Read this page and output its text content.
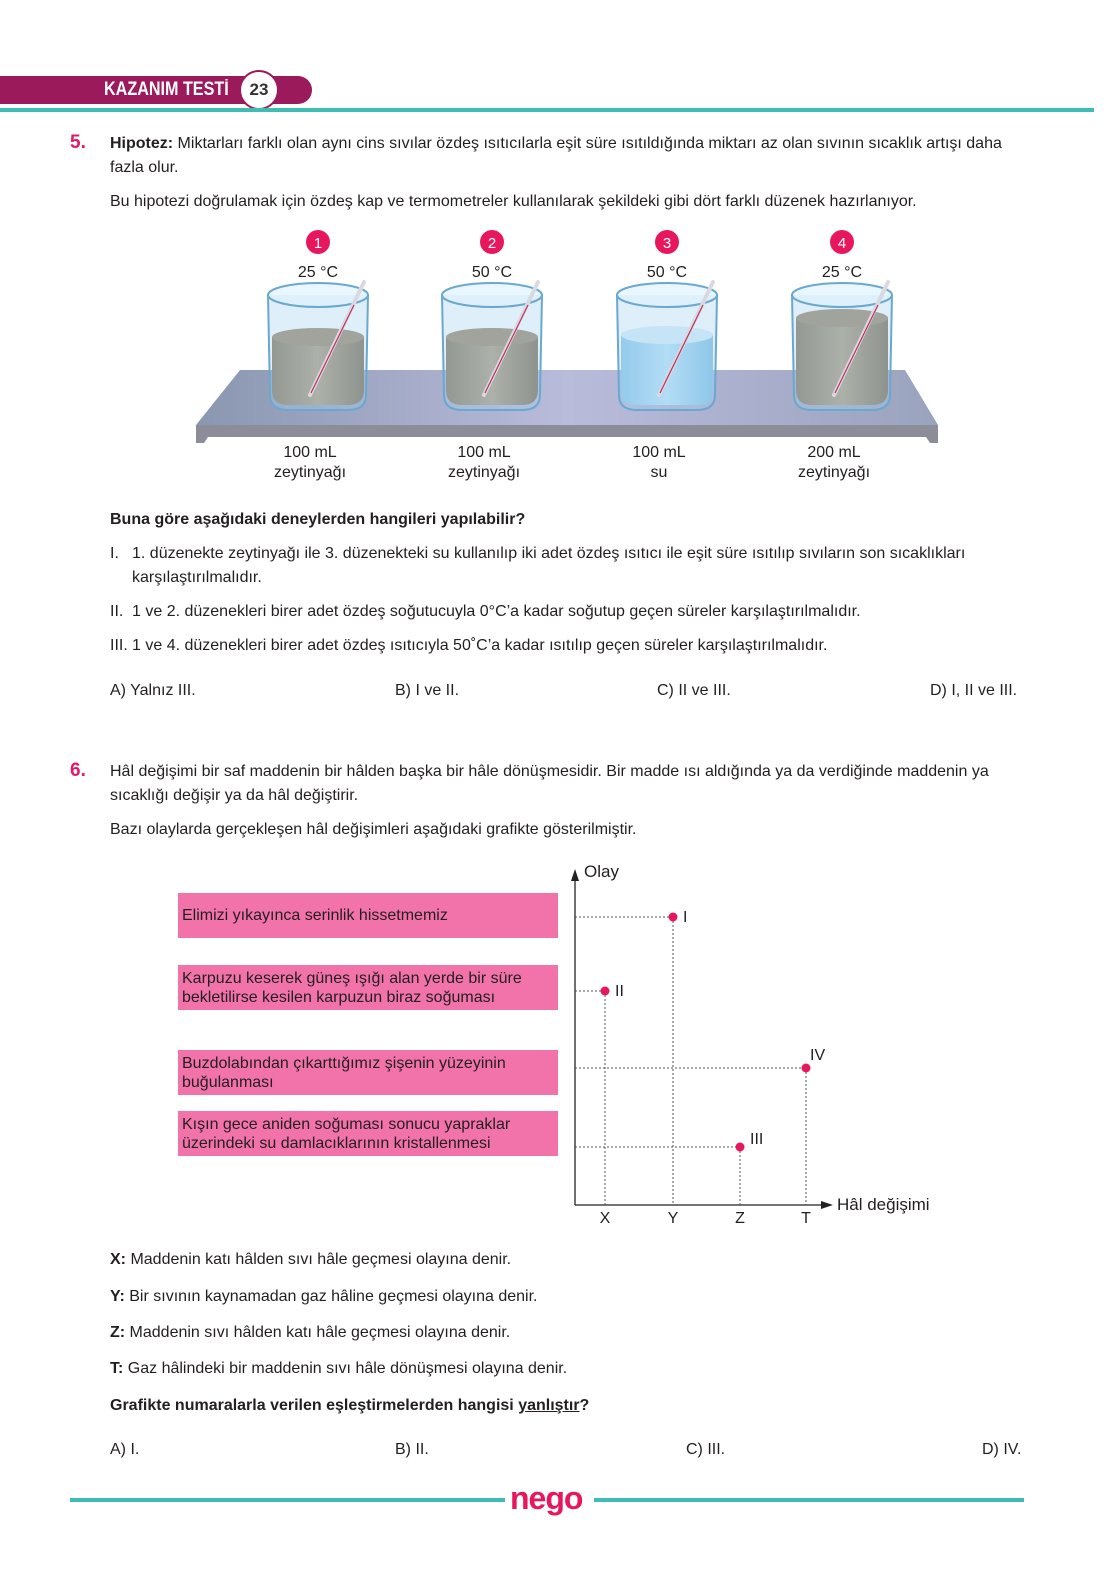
KAZANIM TESTİ	23
5. Hipotez: Miktarları farklı olan aynı cins sıvılar özdeş ısıtıcılarla eşit süre ısıtıldığında miktarı az olan sıvının sıcaklık artışı daha fazla olur.
Bu hipotezi doğrulamak için özdeş kap ve termometreler kullanılarak şekildeki gibi dört farklı düzenek hazırlanıyor.
1
25 °C
2
50 °C
3
50 °C
4
25 °C
100 mL
zeytinyağı
100 mL
zeytinyağı
100 mL
su
200 mL
zeytinyağı
Buna göre aşağıdaki deneylerden hangileri yapılabilir?
I. 1. düzenekte zeytinyağı ile 3. düzenekteki su kullanılıp iki adet özdeş ısıtıcı ile eşit süre ısıtılıp sıvıların son sıcaklıkları karşılaştırılmalıdır.
II. 1 ve 2. düzenekleri birer adet özdeş soğutucuyla 0°C’a kadar soğutup geçen süreler karşılaştırılmalıdır.
III. 1 ve 4. düzenekleri birer adet özdeş ısıtıcıyla 50˚C’a kadar ısıtılıp geçen süreler karşılaştırılmalıdır.
A) Yalnız III.	B) I ve II.	C) II ve III.	D) I, II ve III.
6. Hâl değişimi bir saf maddenin bir hâlden başka bir hâle dönüşmesidir. Bir madde ısı aldığında ya da verdiğinde maddenin ya sıcaklığı değişir ya da hâl değiştirir.
Bazı olaylarda gerçekleşen hâl değişimleri aşağıdaki grafikte gösterilmiştir.
Elimizi yıkayınca serinlik hissetmemiz
Karpuzu keserek güneş ışığı alan yerde bir süre bekletilirse kesilen karpuzun biraz soğuması
Buzdolabından çıkarttığımız şişenin yüzeyinin buğulanması
Kışın gece aniden soğuması sonucu yapraklar üzerindeki su damlacıklarının kristallenmesi
Olay
Hâl değişimi
X	Y	Z	T
I
II
III
IV
X: Maddenin katı hâlden sıvı hâle geçmesi olayına denir.
Y: Bir sıvının kaynamadan gaz hâline geçmesi olayına denir.
Z: Maddenin sıvı hâlden katı hâle geçmesi olayına denir.
T: Gaz hâlindeki bir maddenin sıvı hâle dönüşmesi olayına denir.
Grafikte numaralarla verilen eşleştirmelerden hangisi yanlıştır?
A) I.	B) II.	C) III.	D) IV.
nego
